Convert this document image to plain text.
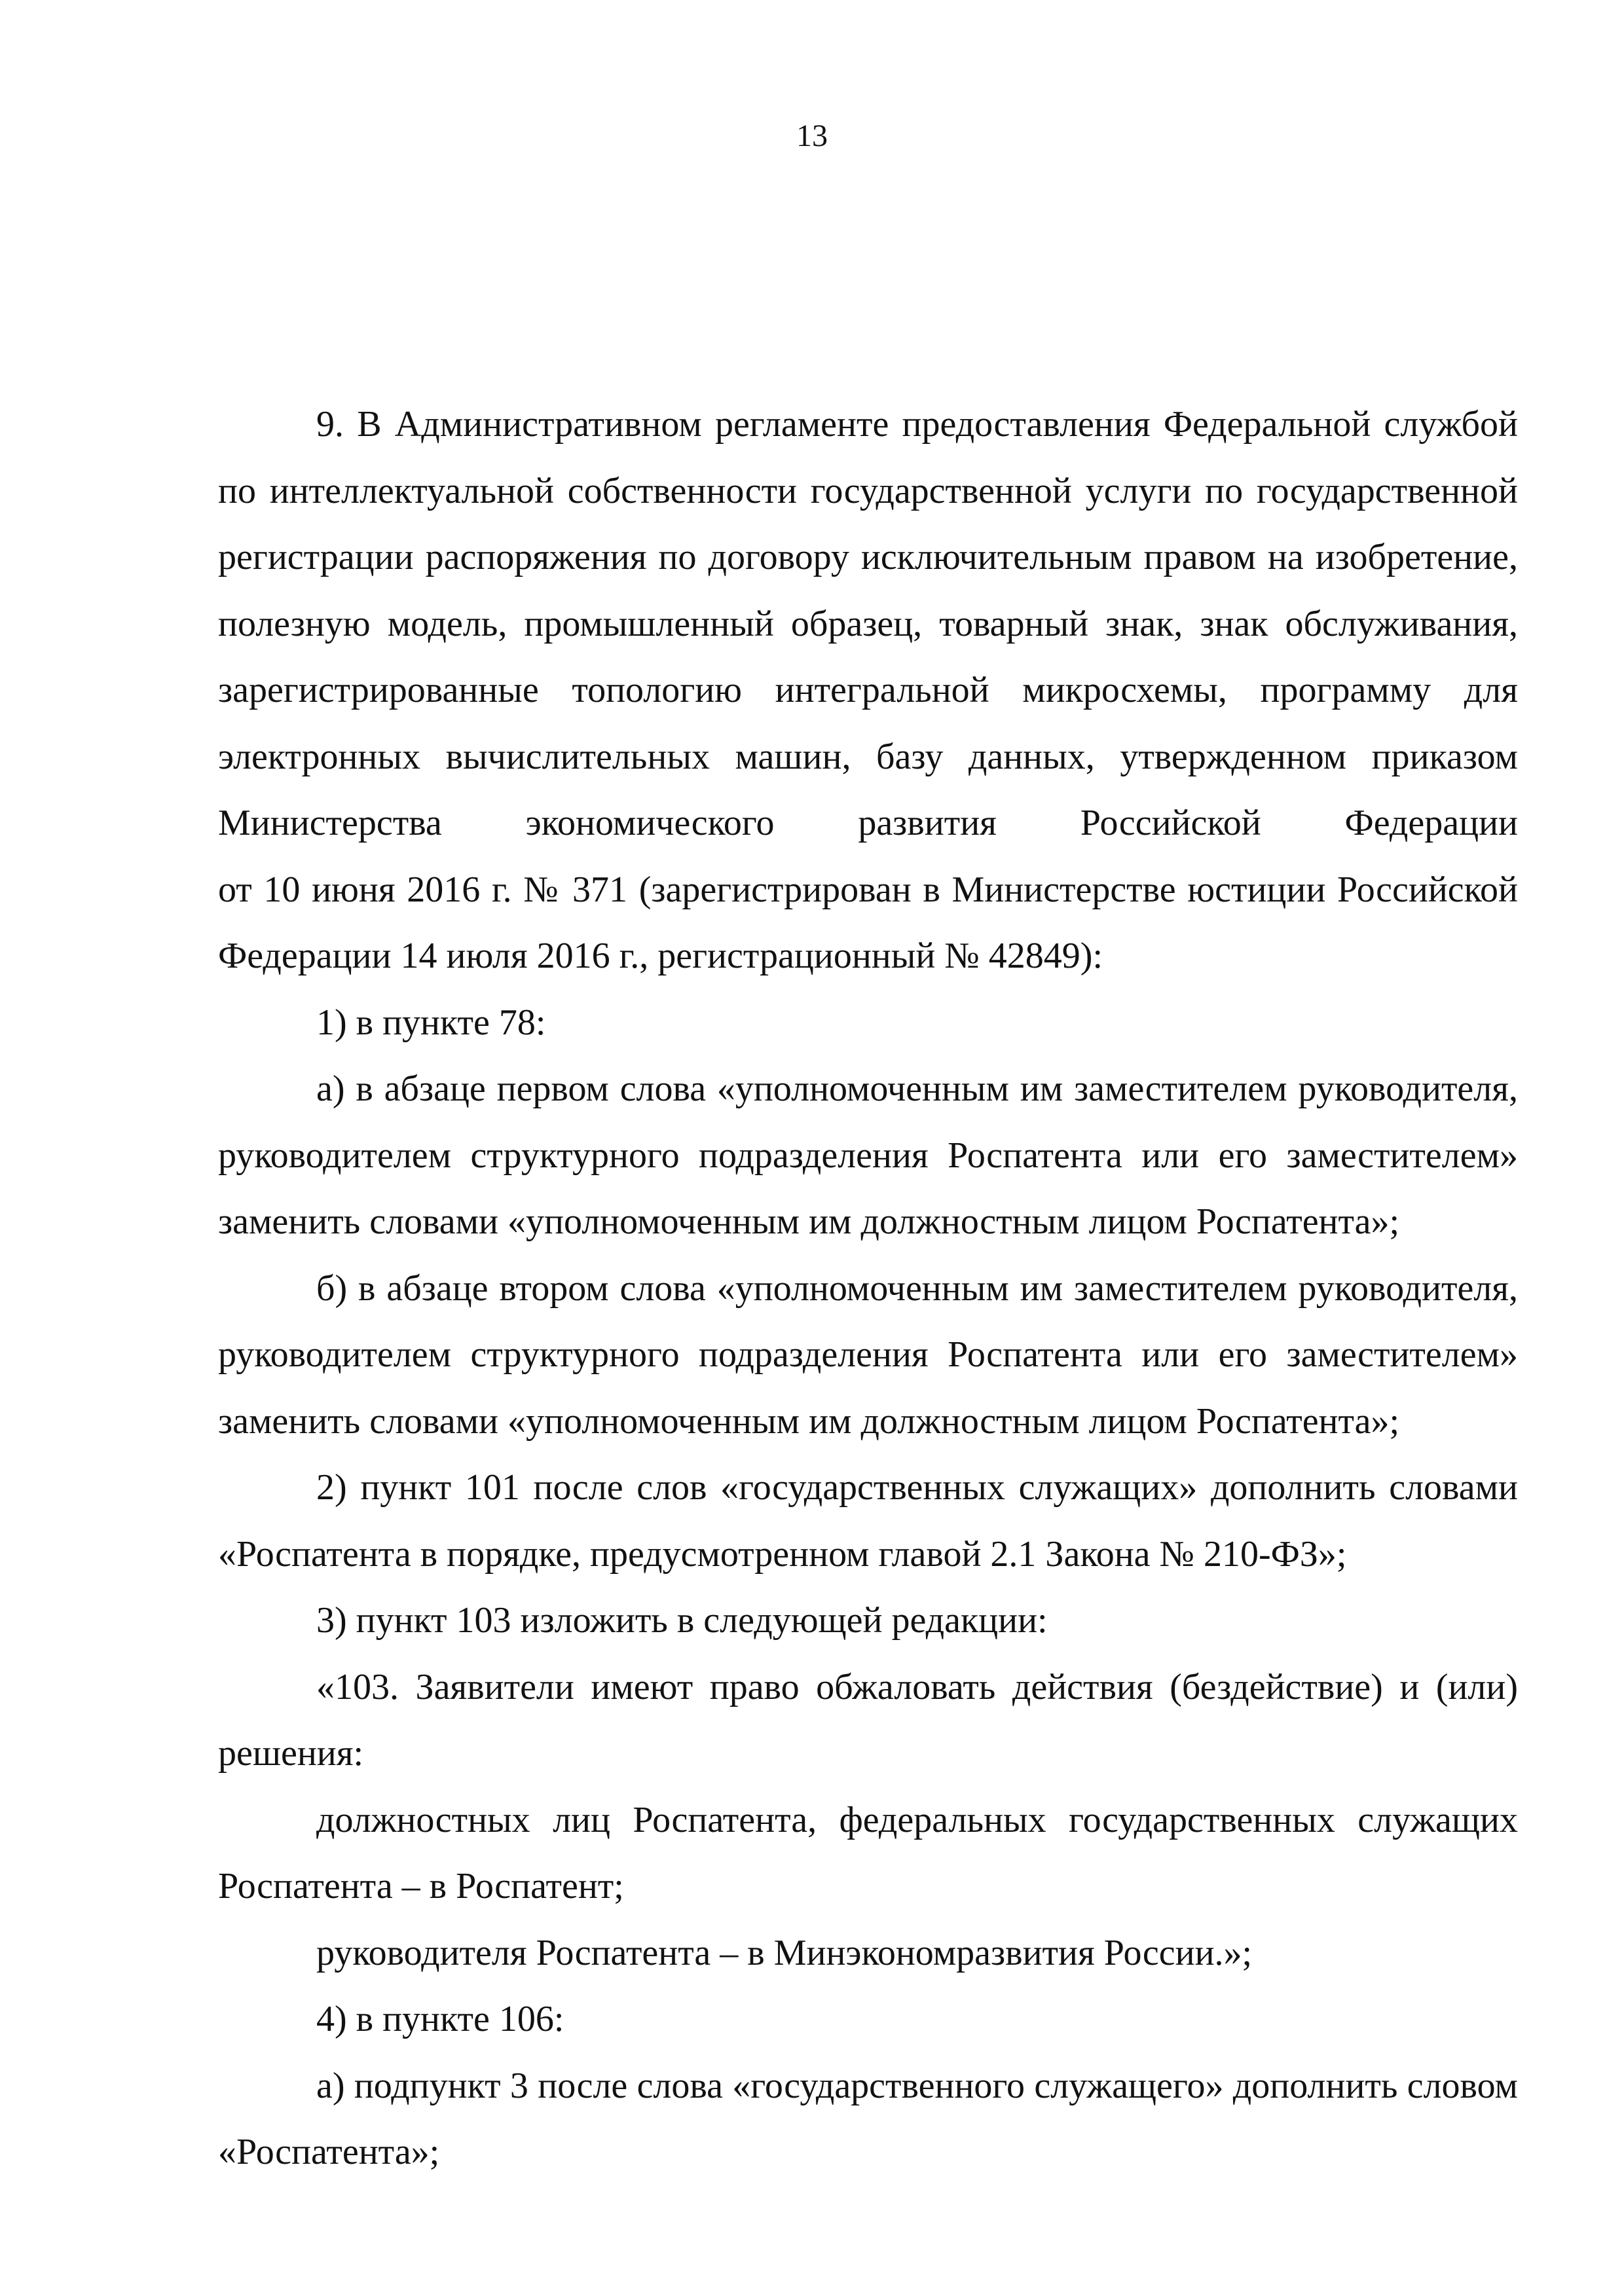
13

9. В Административном регламенте предоставления Федеральной службой по интеллектуальной собственности государственной услуги по государственной регистрации распоряжения по договору исключительным правом на изобретение, полезную модель, промышленный образец, товарный знак, знак обслуживания, зарегистрированные топологию интегральной микросхемы, программу для электронных вычислительных машин, базу данных, утвержденном приказом

Министерства экономического развития Российской Федерации

от 10 июня 2016 г. № 371 (зарегистрирован в Министерстве юстиции Российской Федерации 14 июля 2016 г., регистрационный № 42849):

1) в пункте 78:

а) в абзаце первом слова «уполномоченным им заместителем руководителя, руководителем структурного подразделения Роспатента или его заместителем» заменить словами «уполномоченным им должностным лицом Роспатента»;

б) в абзаце втором слова «уполномоченным им заместителем руководителя, руководителем структурного подразделения Роспатента или его заместителем» заменить словами «уполномоченным им должностным лицом Роспатента»;

2) пункт 101 после слов «государственных служащих» дополнить словами «Роспатента в порядке, предусмотренном главой 2.1 Закона № 210-ФЗ»;

3) пункт 103 изложить в следующей редакции:

«103. Заявители имеют право обжаловать действия (бездействие) и (или) решения:

должностных лиц Роспатента, федеральных государственных служащих Роспатента – в Роспатент;

руководителя Роспатента – в Минэкономразвития России.»;

4) в пункте 106:

а) подпункт 3 после слова «государственного служащего» дополнить словом «Роспатента»;
